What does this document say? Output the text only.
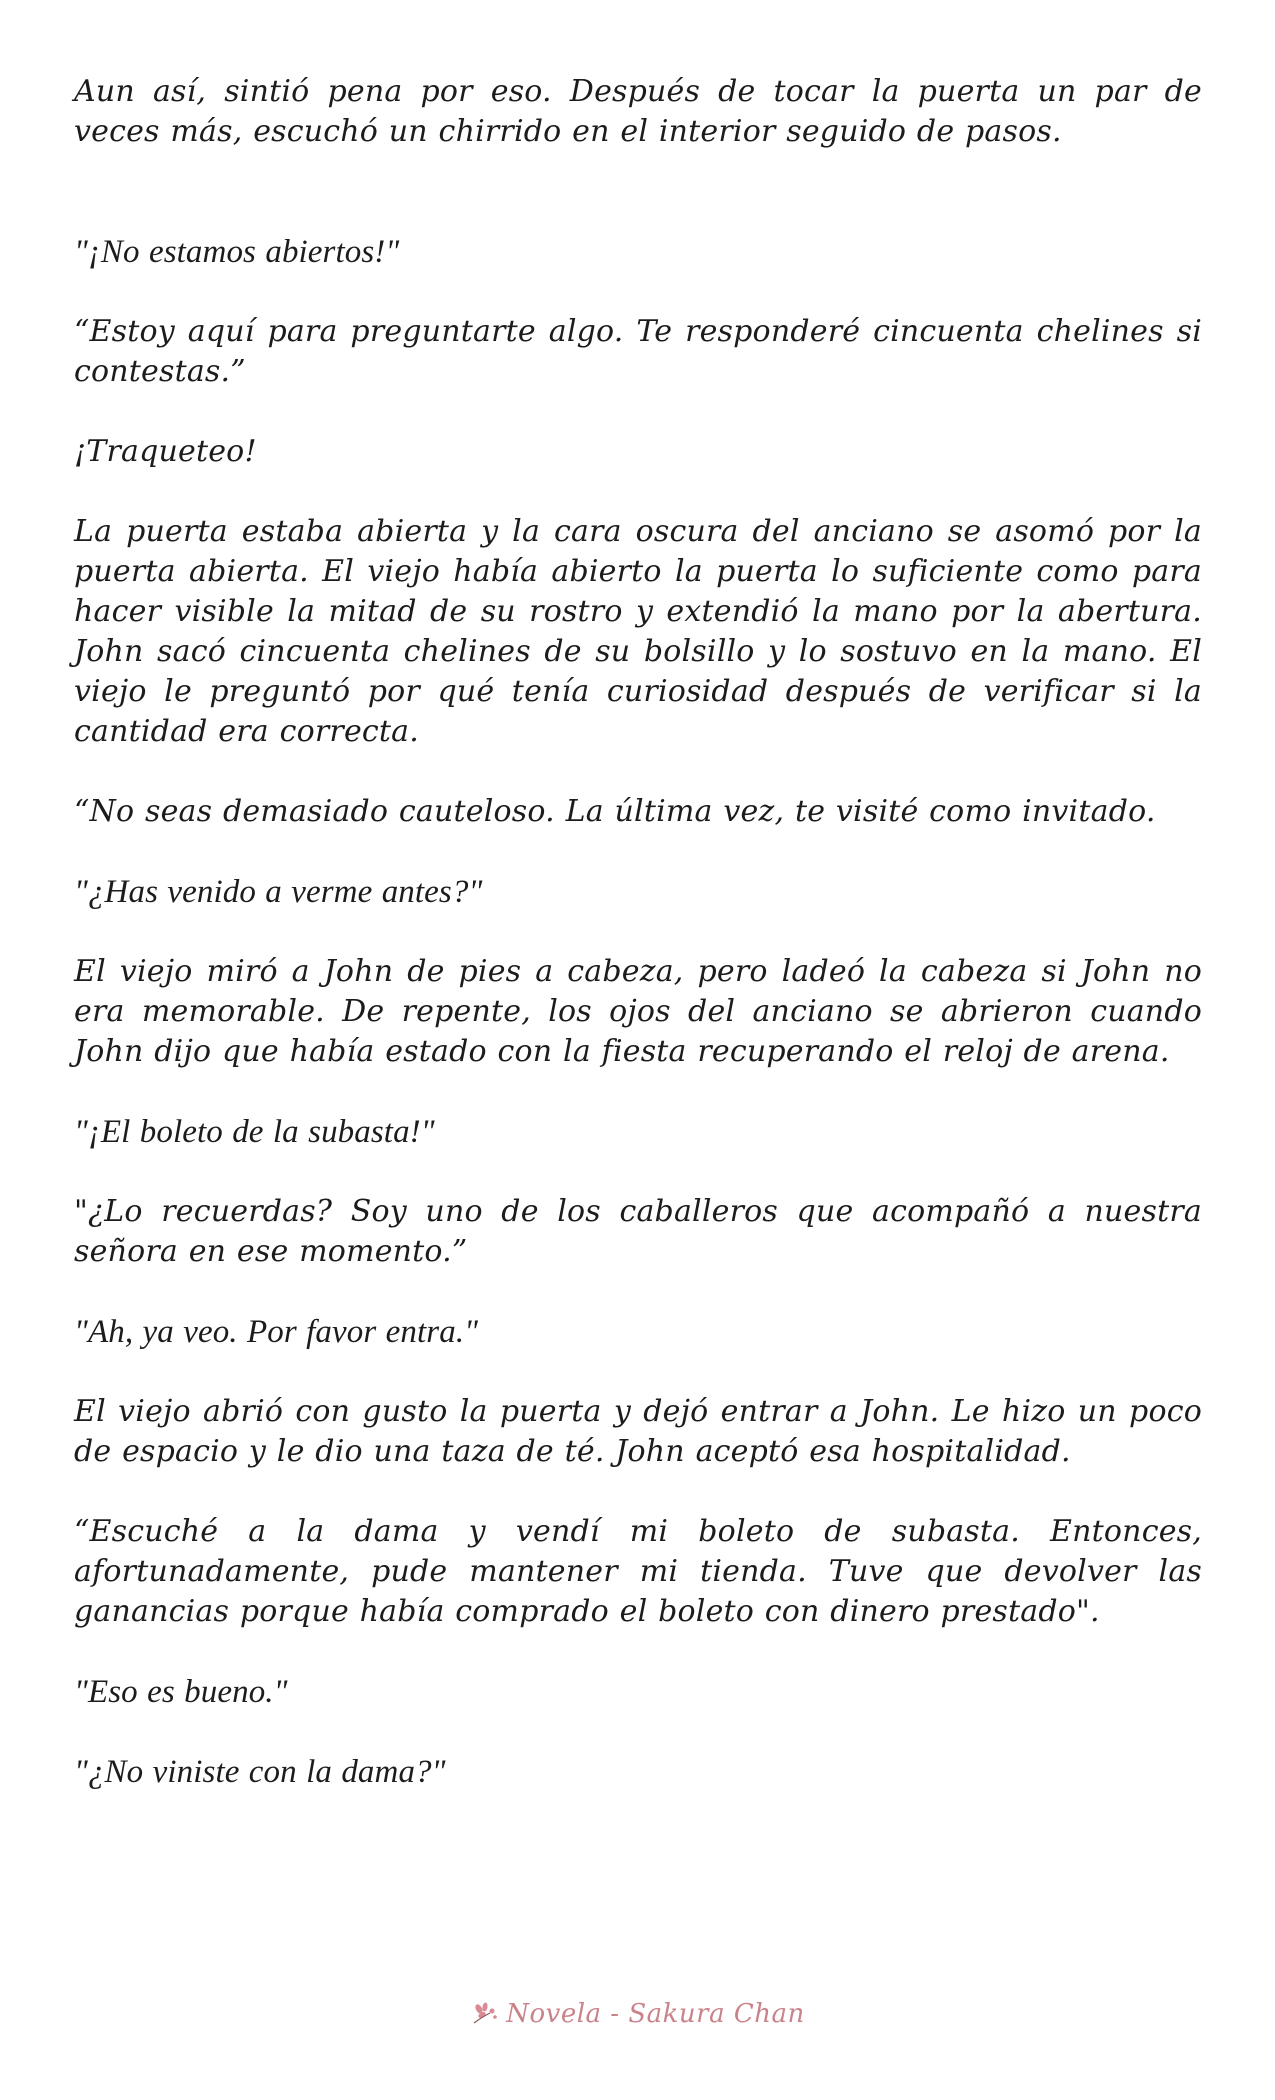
Aun así, sintió pena por eso. Después de tocar la puerta un par de veces más, escuchó un chirrido en el interior seguido de pasos.

"¡No estamos abiertos!"

“Estoy aquí para preguntarte algo. Te responderé cincuenta chelines si contestas.”

¡Traqueteo!

La puerta estaba abierta y la cara oscura del anciano se asomó por la puerta abierta. El viejo había abierto la puerta lo suficiente como para hacer visible la mitad de su rostro y extendió la mano por la abertura. John sacó cincuenta chelines de su bolsillo y lo sostuvo en la mano. El viejo le preguntó por qué tenía curiosidad después de verificar si la cantidad era correcta.

“No seas demasiado cauteloso. La última vez, te visité como invitado.

"¿Has venido a verme antes?"

El viejo miró a John de pies a cabeza, pero ladeó la cabeza si John no era memorable. De repente, los ojos del anciano se abrieron cuando John dijo que había estado con la fiesta recuperando el reloj de arena.

"¡El boleto de la subasta!"

"¿Lo recuerdas? Soy uno de los caballeros que acompañó a nuestra señora en ese momento.”

"Ah, ya veo. Por favor entra."

El viejo abrió con gusto la puerta y dejó entrar a John. Le hizo un poco de espacio y le dio una taza de té. John aceptó esa hospitalidad.

“Escuché a la dama y vendí mi boleto de subasta. Entonces, afortunadamente, pude mantener mi tienda. Tuve que devolver las ganancias porque había comprado el boleto con dinero prestado".

"Eso es bueno."

"¿No viniste con la dama?"

Novela - Sakura Chan
